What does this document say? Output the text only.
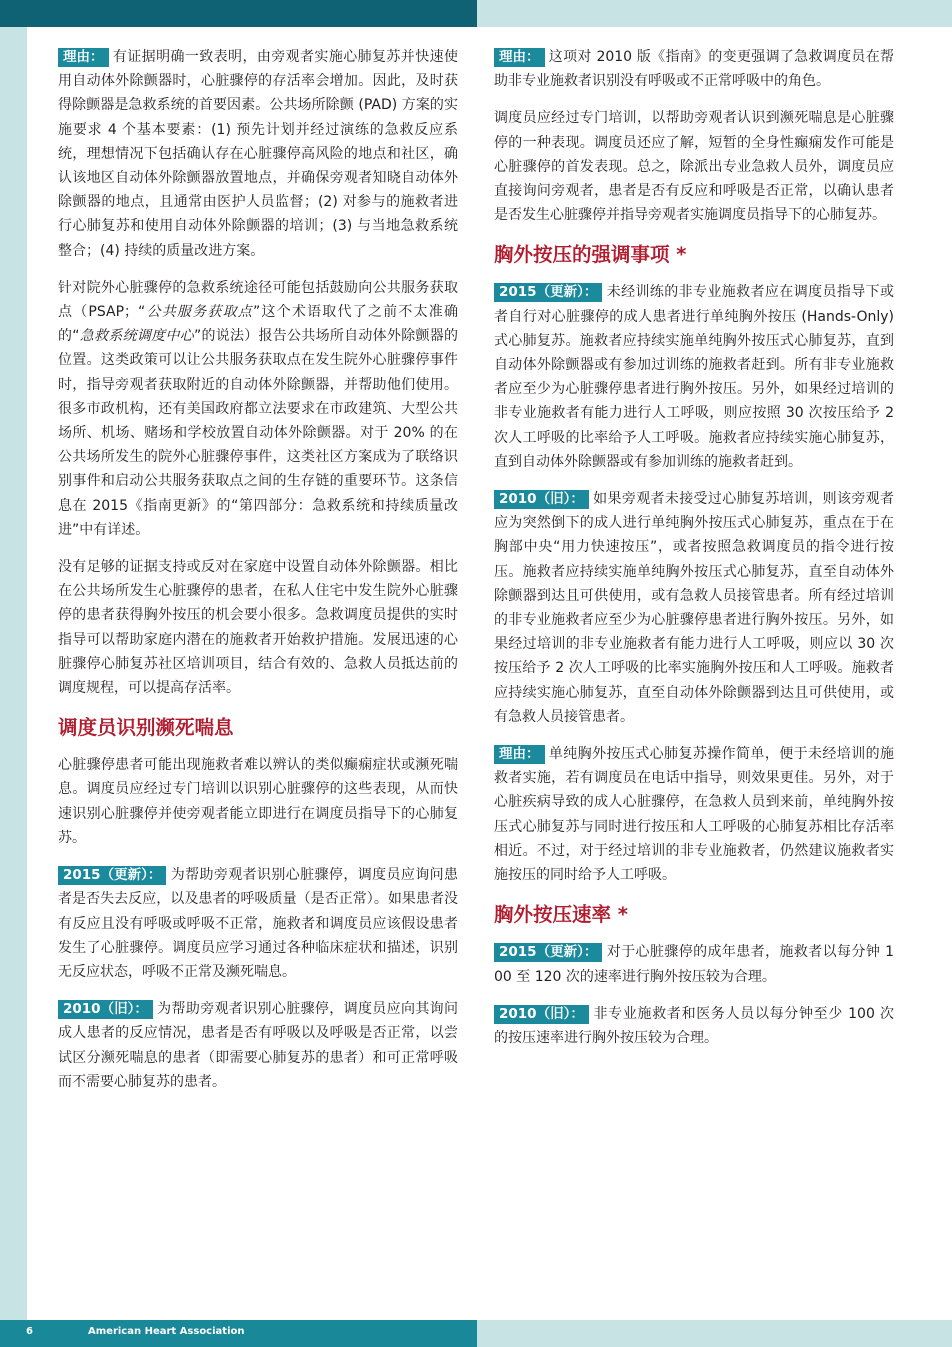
理由： 有证据明确一致表明，由旁观者实施心肺复苏并快速使用自动体外除颤器时，心脏骤停的存活率会增加。因此，及时获得除颤器是急救系统的首要因素。公共场所除颤 (PAD) 方案的实施要求 4 个基本要素：(1) 预先计划并经过演练的急救反应系统，理想情况下包括确认存在心脏骤停高风险的地点和社区，确认该地区自动体外除颤器放置地点，并确保旁观者知晓自动体外除颤器的地点，且通常由医护人员监督；(2) 对参与的施救者进行心肺复苏和使用自动体外除颤器的培训；(3) 与当地急救系统整合；(4) 持续的质量改进方案。

针对院外心脏骤停的急救系统途径可能包括鼓励向公共服务获取点（PSAP；“公共服务获取点”这个术语取代了之前不太准确的“急救系统调度中心”的说法）报告公共场所自动体外除颤器的位置。这类政策可以让公共服务获取点在发生院外心脏骤停事件时，指导旁观者获取附近的自动体外除颤器，并帮助他们使用。很多市政机构，还有美国政府都立法要求在市政建筑、大型公共场所、机场、赌场和学校放置自动体外除颤器。对于 20% 的在公共场所发生的院外心脏骤停事件，这类社区方案成为了联络识别事件和启动公共服务获取点之间的生存链的重要环节。这条信息在 2015《指南更新》的“第四部分：急救系统和持续质量改进”中有详述。

没有足够的证据支持或反对在家庭中设置自动体外除颤器。相比在公共场所发生心脏骤停的患者，在私人住宅中发生院外心脏骤停的患者获得胸外按压的机会要小很多。急救调度员提供的实时指导可以帮助家庭内潜在的施救者开始救护措施。发展迅速的心脏骤停心肺复苏社区培训项目，结合有效的、急救人员抵达前的调度规程，可以提高存活率。

调度员识别濒死喘息

心脏骤停患者可能出现施救者难以辨认的类似癫痫症状或濒死喘息。调度员应经过专门培训以识别心脏骤停的这些表现，从而快速识别心脏骤停并使旁观者能立即进行在调度员指导下的心肺复苏。

2015（更新）： 为帮助旁观者识别心脏骤停，调度员应询问患者是否失去反应，以及患者的呼吸质量（是否正常）。如果患者没有反应且没有呼吸或呼吸不正常，施救者和调度员应该假设患者发生了心脏骤停。调度员应学习通过各种临床症状和描述，识别无反应状态，呼吸不正常及濒死喘息。

2010（旧）： 为帮助旁观者识别心脏骤停，调度员应向其询问成人患者的反应情况，患者是否有呼吸以及呼吸是否正常，以尝试区分濒死喘息的患者（即需要心肺复苏的患者）和可正常呼吸而不需要心肺复苏的患者。

理由： 这项对 2010 版《指南》的变更强调了急救调度员在帮助非专业施救者识别没有呼吸或不正常呼吸中的角色。

调度员应经过专门培训，以帮助旁观者认识到濒死喘息是心脏骤停的一种表现。调度员还应了解，短暂的全身性癫痫发作可能是心脏骤停的首发表现。总之，除派出专业急救人员外，调度员应直接询问旁观者，患者是否有反应和呼吸是否正常，以确认患者是否发生心脏骤停并指导旁观者实施调度员指导下的心肺复苏。

胸外按压的强调事项 *

2015（更新）： 未经训练的非专业施救者应在调度员指导下或者自行对心脏骤停的成人患者进行单纯胸外按压 (Hands-Only) 式心肺复苏。施救者应持续实施单纯胸外按压式心肺复苏，直到自动体外除颤器或有参加过训练的施救者赶到。所有非专业施救者应至少为心脏骤停患者进行胸外按压。另外，如果经过培训的非专业施救者有能力进行人工呼吸，则应按照 30 次按压给予 2 次人工呼吸的比率给予人工呼吸。施救者应持续实施心肺复苏，直到自动体外除颤器或有参加训练的施救者赶到。

2010（旧）： 如果旁观者未接受过心肺复苏培训，则该旁观者应为突然倒下的成人进行单纯胸外按压式心肺复苏，重点在于在胸部中央“用力快速按压”，或者按照急救调度员的指令进行按压。施救者应持续实施单纯胸外按压式心肺复苏，直至自动体外除颤器到达且可供使用，或有急救人员接管患者。所有经过培训的非专业施救者应至少为心脏骤停患者进行胸外按压。另外，如果经过培训的非专业施救者有能力进行人工呼吸，则应以 30 次按压给予 2 次人工呼吸的比率实施胸外按压和人工呼吸。施救者应持续实施心肺复苏，直至自动体外除颤器到达且可供使用，或有急救人员接管患者。

理由： 单纯胸外按压式心肺复苏操作简单，便于未经培训的施救者实施，若有调度员在电话中指导，则效果更佳。另外，对于心脏疾病导致的成人心脏骤停，在急救人员到来前，单纯胸外按压式心肺复苏与同时进行按压和人工呼吸的心肺复苏相比存活率相近。不过，对于经过培训的非专业施救者，仍然建议施救者实施按压的同时给予人工呼吸。

胸外按压速率 *

2015（更新）： 对于心脏骤停的成年患者，施救者以每分钟 100 至 120 次的速率进行胸外按压较为合理。

2010（旧）： 非专业施救者和医务人员以每分钟至少 100 次的按压速率进行胸外按压较为合理。

6	American Heart Association
